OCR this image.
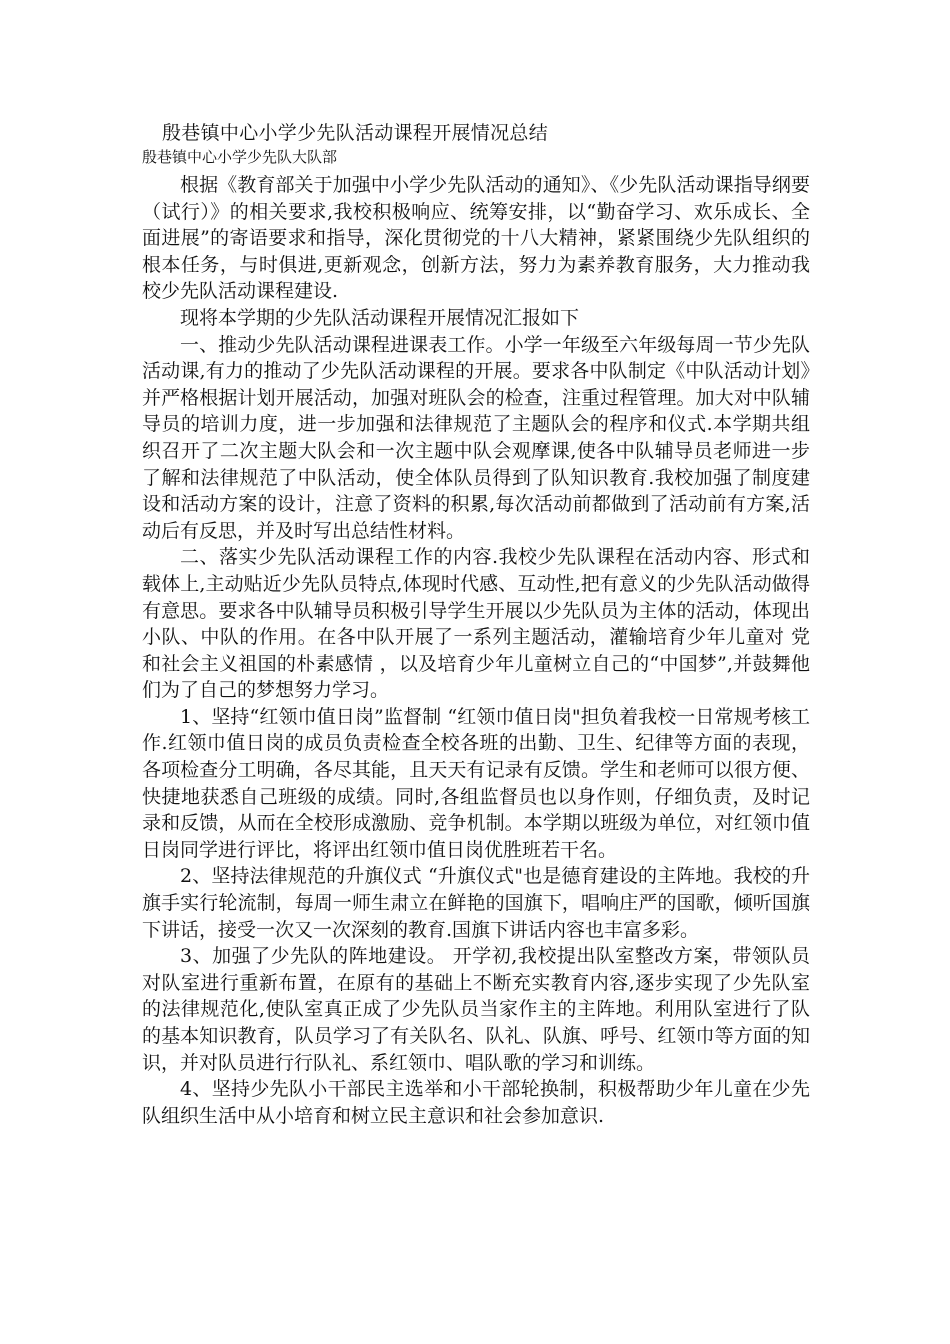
殷巷镇中心小学少先队活动课程开展情况总结
殷巷镇中心小学少先队大队部

根据《教育部关于加强中小学少先队活动的通知》、《少先队活动课指导纲要（试行）》的相关要求,我校积极响应、统筹安排，以“勤奋学习、欢乐成长、全面进展”的寄语要求和指导，深化贯彻党的十八大精神，紧紧围绕少先队组织的根本任务，与时俱进,更新观念，创新方法，努力为素养教育服务，大力推动我校少先队活动课程建设.

现将本学期的少先队活动课程开展情况汇报如下

一、推动少先队活动课程进课表工作。小学一年级至六年级每周一节少先队活动课,有力的推动了少先队活动课程的开展。要求各中队制定《中队活动计划》并严格根据计划开展活动，加强对班队会的检查，注重过程管理。加大对中队辅导员的培训力度，进一步加强和法律规范了主题队会的程序和仪式.本学期共组织召开了二次主题大队会和一次主题中队会观摩课,使各中队辅导员老师进一步了解和法律规范了中队活动，使全体队员得到了队知识教育.我校加强了制度建设和活动方案的设计，注意了资料的积累,每次活动前都做到了活动前有方案,活动后有反思，并及时写出总结性材料。

二、落实少先队活动课程工作的内容.我校少先队课程在活动内容、形式和载体上,主动贴近少先队员特点,体现时代感、互动性,把有意义的少先队活动做得有意思。要求各中队辅导员积极引导学生开展以少先队员为主体的活动，体现出小队、中队的作用。在各中队开展了一系列主题活动，灌输培育少年儿童对 党和社会主义祖国的朴素感情 ，以及培育少年儿童树立自己的“中国梦”,并鼓舞他们为了自己的梦想努力学习。

1、坚持“红领巾值日岗”监督制 “红领巾值日岗"担负着我校一日常规考核工作.红领巾值日岗的成员负责检查全校各班的出勤、卫生、纪律等方面的表现，各项检查分工明确，各尽其能，且天天有记录有反馈。学生和老师可以很方便、快捷地获悉自己班级的成绩。同时,各组监督员也以身作则，仔细负责，及时记录和反馈，从而在全校形成激励、竞争机制。本学期以班级为单位，对红领巾值日岗同学进行评比，将评出红领巾值日岗优胜班若干名。

2、坚持法律规范的升旗仪式 “升旗仪式"也是德育建设的主阵地。我校的升旗手实行轮流制，每周一师生肃立在鲜艳的国旗下，唱响庄严的国歌，倾听国旗下讲话，接受一次又一次深刻的教育.国旗下讲话内容也丰富多彩。

3、加强了少先队的阵地建设。 开学初,我校提出队室整改方案，带领队员对队室进行重新布置，在原有的基础上不断充实教育内容,逐步实现了少先队室的法律规范化,使队室真正成了少先队员当家作主的主阵地。利用队室进行了队的基本知识教育，队员学习了有关队名、队礼、队旗、呼号、红领巾等方面的知识，并对队员进行行队礼、系红领巾、唱队歌的学习和训练。

4、坚持少先队小干部民主选举和小干部轮换制，积极帮助少年儿童在少先队组织生活中从小培育和树立民主意识和社会参加意识.
